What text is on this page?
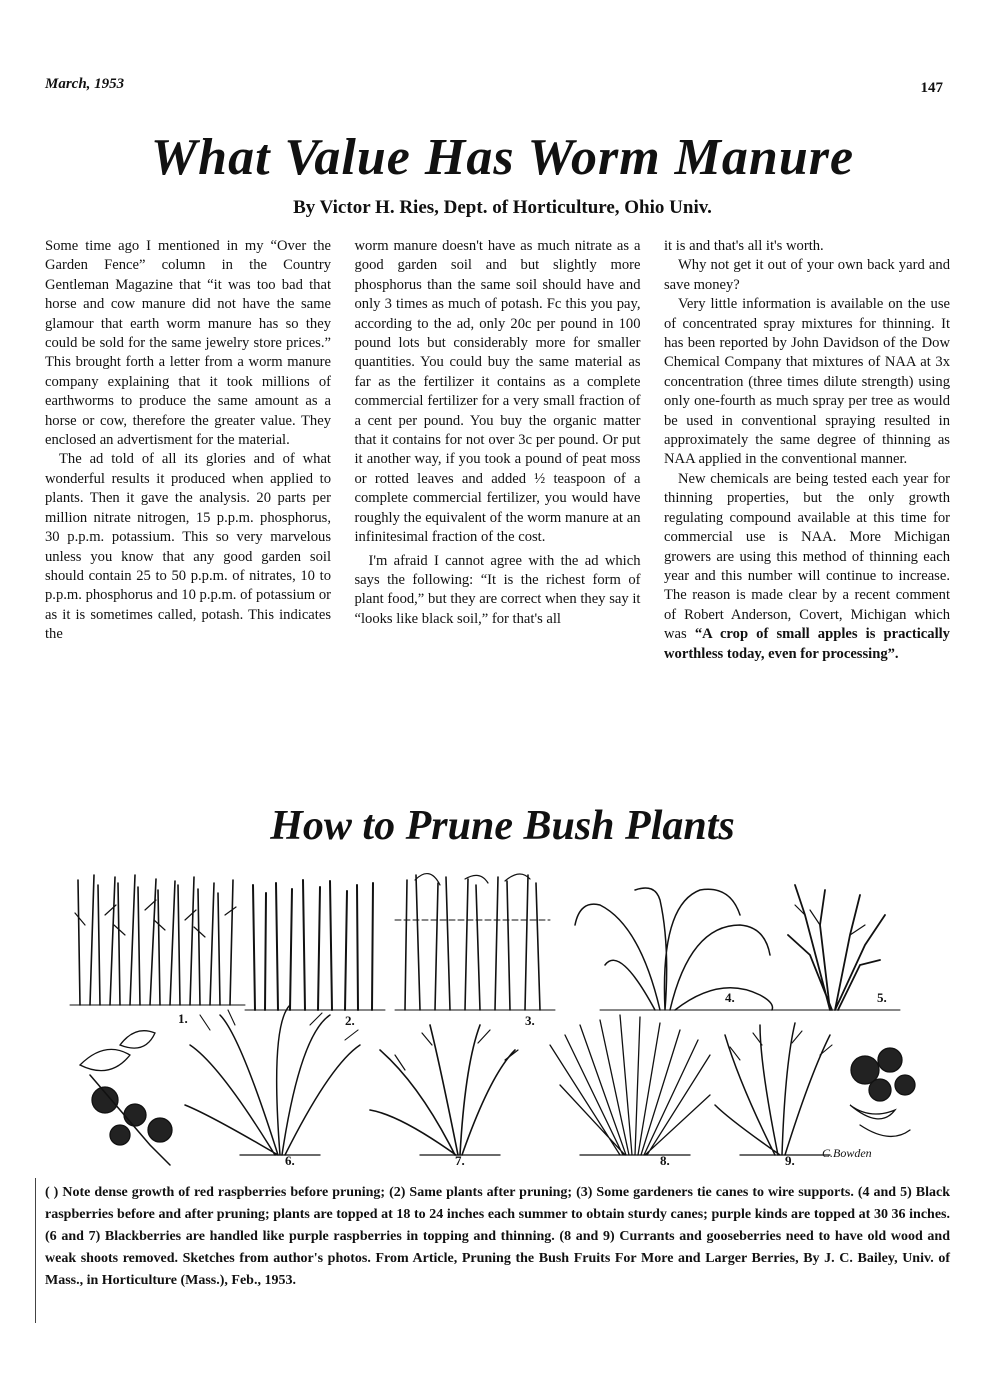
March, 1953	147
What Value Has Worm Manure
By Victor H. Ries, Dept. of Horticulture, Ohio Univ.

Some time ago I mentioned in my “Over the Garden Fence” column in the Country Gentleman Magazine that “it was too bad that horse and cow manure did not have the same glamour that earth worm manure has so they could be sold for the same jewelry store prices.” This brought forth a letter from a worm manure company explaining that it took millions of earthworms to produce the same amount as a horse or cow, therefore the greater value. They enclosed an advertisment for the material.

The ad told of all its glories and of what wonderful results it produced when applied to plants. Then it gave the analysis. 20 parts per million nitrate nitrogen, 15 p.p.m. phosphorus, 30 p.p.m. potassium. This so very marvelous unless you know that any good garden soil should contain 25 to 50 p.p.m. of nitrates, 10 to p.p.m. phosphorus and 10 p.p.m. of potassium or as it is sometimes called, potash. This indicates the

worm manure doesn't have as much nitrate as a good garden soil and but slightly more phosphorus than the same soil should have and only 3 times as much of potash. Fc this you pay, according to the ad, only 20c per pound in 100 pound lots but considerably more for smaller quantities. You could buy the same material as far as the fertilizer it contains as a complete commercial fertilizer for a very small fraction of a cent per pound. You buy the organic matter that it contains for not over 3c per pound. Or put it another way, if you took a pound of peat moss or rotted leaves and added ½ teaspoon of a complete commercial fertilizer, you would have roughly the equivalent of the worm manure at an infinitesimal fraction of the cost.

I'm afraid I cannot agree with the ad which says the following: “It is the richest form of plant food,” but they are correct when they say it “looks like black soil,” for that's all

it is and that's all it's worth.

Why not get it out of your own back yard and save money?

Very little information is available on the use of concentrated spray mixtures for thinning. It has been reported by John Davidson of the Dow Chemical Company that mixtures of NAA at 3x concentration (three times dilute strength) using only one-fourth as much spray per tree as would be used in conventional spraying resulted in approximately the same degree of thinning as NAA applied in the conventional manner.

New chemicals are being tested each year for thinning properties, but the only growth regulating compound available at this time for commercial use is NAA. More Michigan growers are using this method of thinning each year and this number will continue to increase. The reason is made clear by a recent comment of Robert Anderson, Covert, Michigan which was “A crop of small apples is practically worthless today, even for processing”.

How to Prune Bush Plants
1.	2.	3.
4.	5.
6.	7.	8.	9. C.Bowden
( ) Note dense growth of red raspberries before pruning; (2) Same plants after pruning; (3) Some gardeners tie canes to wire supports. (4 and 5) Black raspberries before and after pruning; plants are topped at 18 to 24 inches each summer to obtain sturdy canes; purple kinds are topped at 30 36 inches. (6 and 7) Blackberries are handled like purple raspberries in topping and thinning. (8 and 9) Currants and gooseberries need to have old wood and weak shoots removed. Sketches from author's photos. From Article, Pruning the Bush Fruits For More and Larger Berries, By J. C. Bailey, Univ. of Mass., in Horticulture (Mass.), Feb., 1953.
